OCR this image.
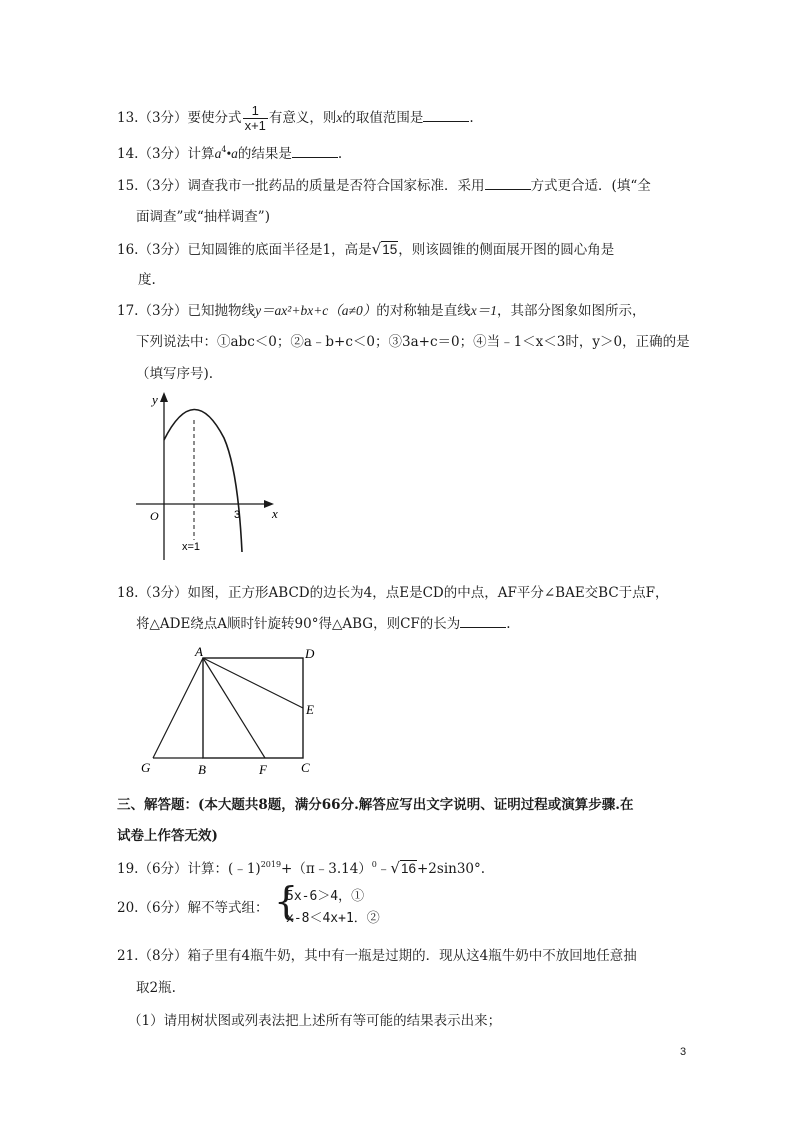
13.（3分）要使分式 $\frac{1}{x+1}$ 有意义，则x的取值范围是	.
14.（3分）计算$a^4•a$的结果是	.
15.（3分）调查我市一批药品的质量是否符合国家标准．采用	方式更合适．(填“全
面调查”或“抽样调查”)
16.（3分）已知圆锥的底面半径是1，高是√15，则该圆锥的侧面展开图的圆心角是
度.
17.（3分）已知抛物线y＝ax²+bx+c（a≠0）的对称轴是直线x＝1，其部分图象如图所示，
下列说法中：①abc＜0；②a﹣b+c＜0；③3a+c＝0；④当﹣1＜x＜3时，y＞0，正确的是
（填写序号).
y
x
O	3
x=1
18.（3分）如图，正方形ABCD的边长为4，点E是CD的中点，AF平分∠BAE交BC于点F，
将△ADE绕点A顺时针旋转90°得△ABG，则CF的长为	.
A	D
E
G	B	F	C
三、解答题：(本大题共8题，满分66分.解答应写出文字说明、证明过程或演算步骤.在
试卷上作答无效)
19.（6分）计算：(﹣1)$^{2019}$+（π﹣3.14）$^0$﹣√16+2sin30°.
20.（6分）解不等式组： {
5x-6＞4，①
x-8＜4x+1．②
21.（8分）箱子里有4瓶牛奶，其中有一瓶是过期的．现从这4瓶牛奶中不放回地任意抽
取2瓶.
（1）请用树状图或列表法把上述所有等可能的结果表示出来；
3
